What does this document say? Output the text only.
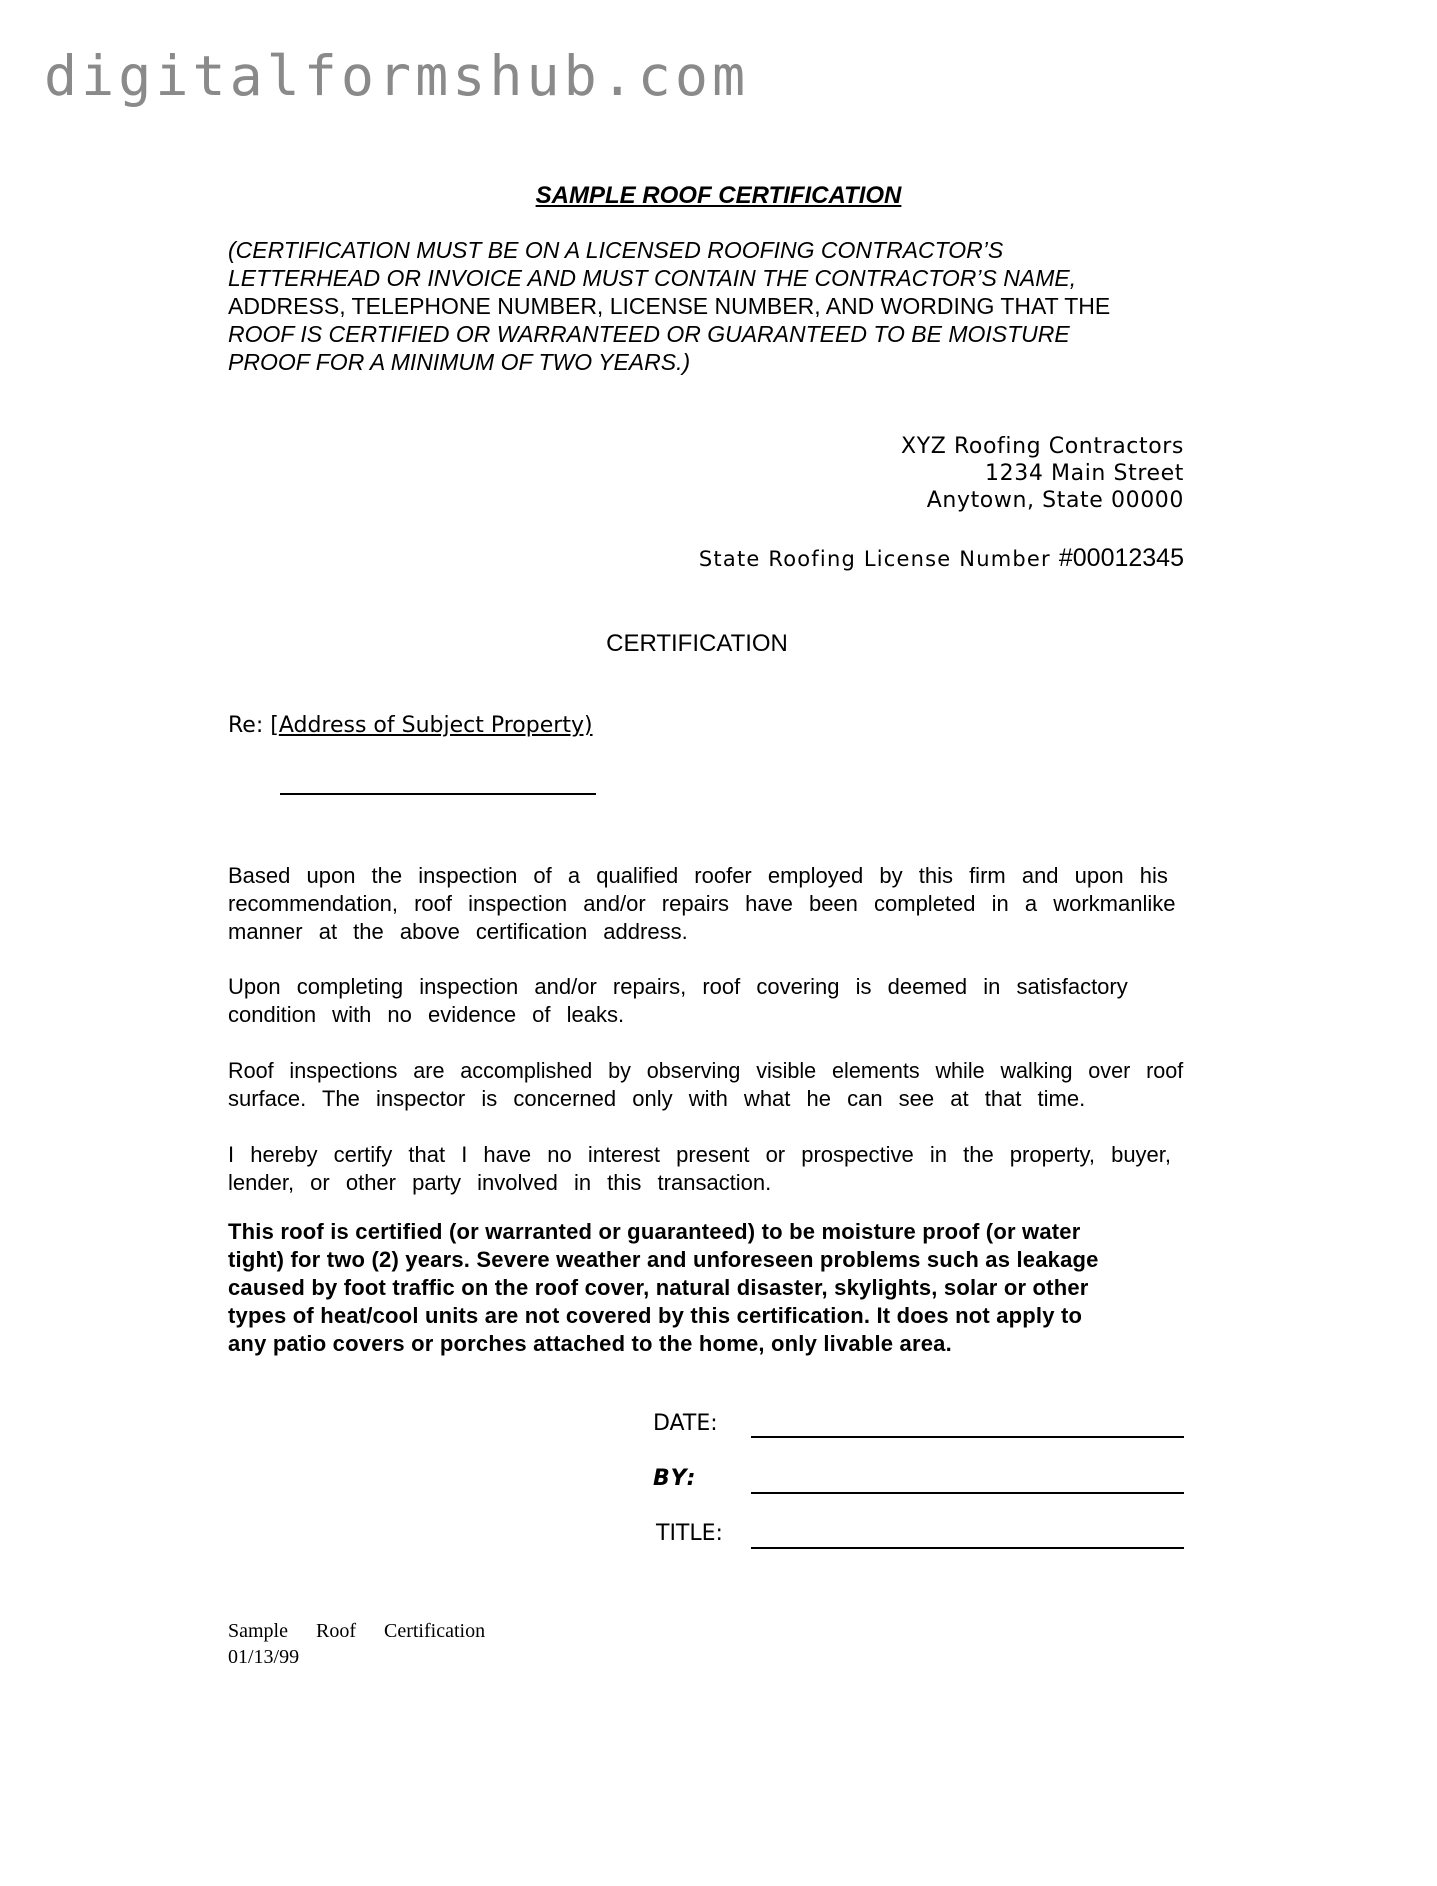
digitalformshub.com
SAMPLE ROOF CERTIFICATION
(CERTIFICATION MUST BE ON A LICENSED ROOFING CONTRACTOR’S
LETTERHEAD OR INVOICE AND MUST CONTAIN THE CONTRACTOR’S NAME,
ADDRESS, TELEPHONE NUMBER, LICENSE NUMBER, AND WORDING THAT THE
ROOF IS CERTIFIED OR WARRANTEED OR GUARANTEED TO BE MOISTURE
PROOF FOR A MINIMUM OF TWO YEARS.)
XYZ Roofing Contractors
1234 Main Street
Anytown, State 00000
State Roofing License Number #00012345
CERTIFICATION
Re: [Address of Subject Property)
Based upon the inspection of a qualified roofer employed by this firm and upon his
recommendation, roof inspection and/or repairs have been completed in a workmanlike
manner at the above certification address.
Upon completing inspection and/or repairs, roof covering is deemed in satisfactory
condition with no evidence of leaks.
Roof inspections are accomplished by observing visible elements while walking over roof
surface. The inspector is concerned only with what he can see at that time.
I hereby certify that I have no interest present or prospective in the property, buyer,
lender, or other party involved in this transaction.
This roof is certified (or warranted or guaranteed) to be moisture proof (or water
tight) for two (2) years. Severe weather and unforeseen problems such as leakage
caused by foot traffic on the roof cover, natural disaster, skylights, solar or other
types of heat/cool units are not covered by this certification. It does not apply to
any patio covers or porches attached to the home, only livable area.
DATE:
BY:
TITLE:
Sample Roof Certification
01/13/99
